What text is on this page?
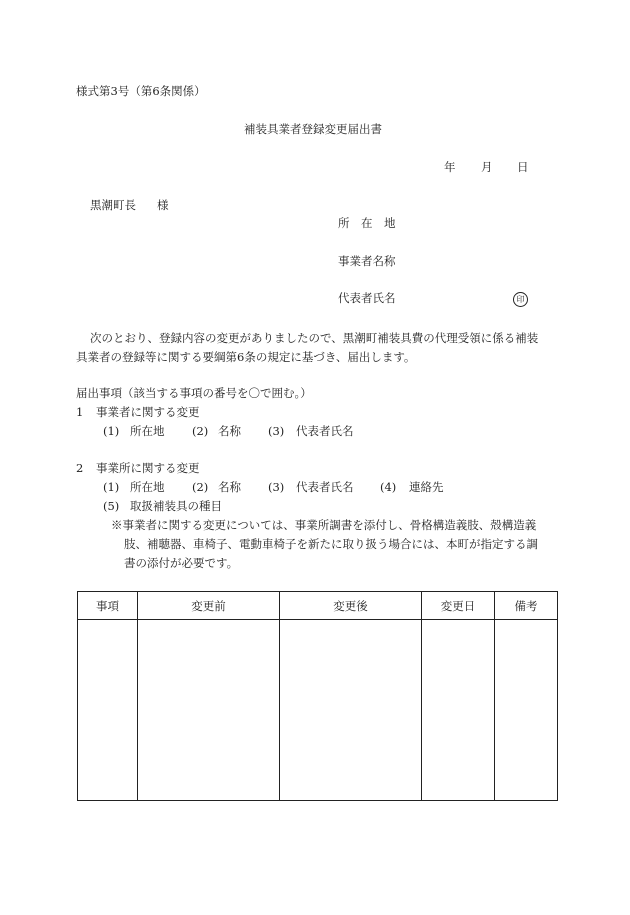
様式第3号（第6条関係）
補装具業者登録変更届出書
年 月 日
黒潮町長 様
所　在　地
事業者名称
代表者氏名	印
次のとおり、登録内容の変更がありましたので、黒潮町補装具費の代理受領に係る補装
具業者の登録等に関する要綱第6条の規定に基づき、届出します。
届出事項（該当する事項の番号を〇で囲む。）
1 事業者に関する変更
(1) 所在地 (2) 名称 (3) 代表者氏名
2 事業所に関する変更
(1) 所在地 (2) 名称 (3) 代表者氏名 (4) 連絡先
(5) 取扱補装具の種目
※事業者に関する変更については、事業所調書を添付し、骨格構造義肢、殻構造義
肢、補聴器、車椅子、電動車椅子を新たに取り扱う場合には、本町が指定する調
書の添付が必要です。
事項	変更前	変更後	変更日	備考
